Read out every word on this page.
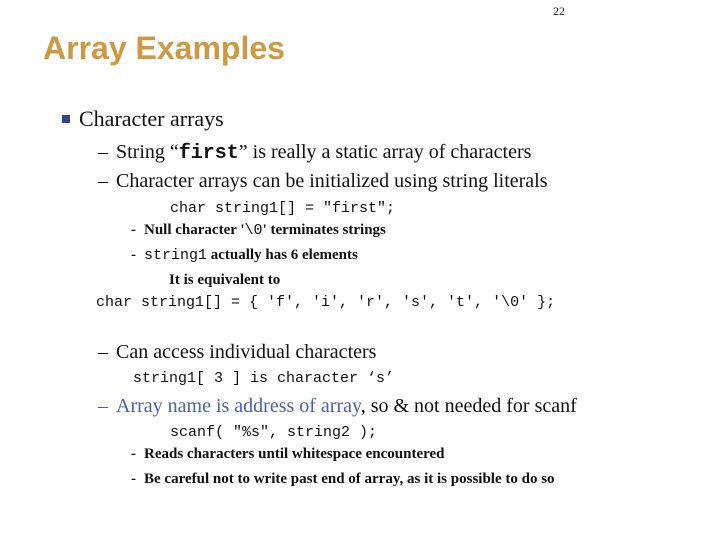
22
Array Examples
Character arrays
– String “first” is really a static array of characters
– Character arrays can be initialized using string literals
char string1[] = "first";
- Null character '\0' terminates strings
- string1 actually has 6 elements
It is equivalent to
char string1[] = { 'f', 'i', 'r', 's', 't', '\0' };
– Can access individual characters
string1[ 3 ] is character ‘s’
– Array name is address of array, so & not needed for scanf
scanf( "%s", string2 );
- Reads characters until whitespace encountered
- Be careful not to write past end of array, as it is possible to do so
